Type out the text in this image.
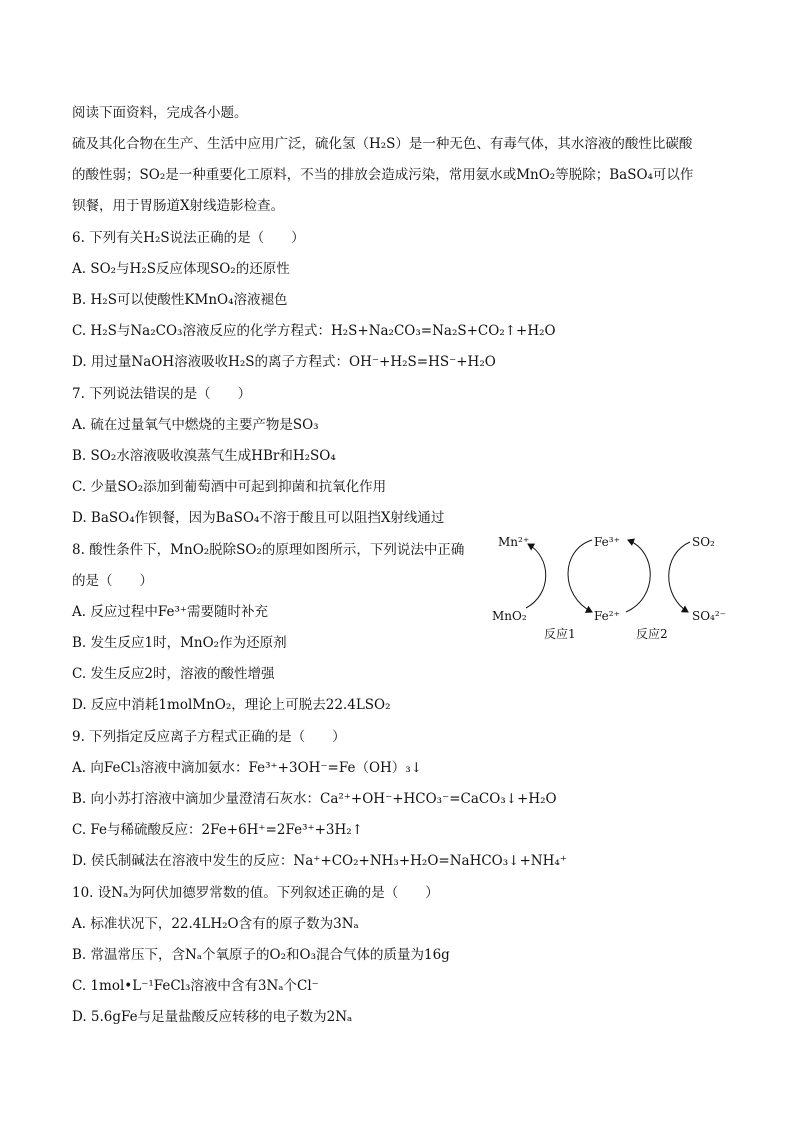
阅读下面资料，完成各小题。
硫及其化合物在生产、生活中应用广泛，硫化氢（H₂S）是一种无色、有毒气体，其水溶液的酸性比碳酸
的酸性弱；SO₂是一种重要化工原料，不当的排放会造成污染，常用氨水或MnO₂等脱除；BaSO₄可以作
钡餐，用于胃肠道X射线造影检查。
6. 下列有关H₂S说法正确的是（　　）
A. SO₂与H₂S反应体现SO₂的还原性
B. H₂S可以使酸性KMnO₄溶液褪色
C. H₂S与Na₂CO₃溶液反应的化学方程式：H₂S+Na₂CO₃=Na₂S+CO₂↑+H₂O
D. 用过量NaOH溶液吸收H₂S的离子方程式：OH⁻+H₂S=HS⁻+H₂O
7. 下列说法错误的是（　　）
A. 硫在过量氧气中燃烧的主要产物是SO₃
B. SO₂水溶液吸收溴蒸气生成HBr和H₂SO₄
C. 少量SO₂添加到葡萄酒中可起到抑菌和抗氧化作用
D. BaSO₄作钡餐，因为BaSO₄不溶于酸且可以阻挡X射线通过
8. 酸性条件下，MnO₂脱除SO₂的原理如图所示，下列说法中正确
的是（　　）
A. 反应过程中Fe³⁺需要随时补充
B. 发生反应1时，MnO₂作为还原剂
C. 发生反应2时，溶液的酸性增强
D. 反应中消耗1molMnO₂，理论上可脱去22.4LSO₂
Mn²⁺	Fe³⁺	SO₂
MnO₂	Fe²⁺	SO₄²⁻
反应1	反应2
9. 下列指定反应离子方程式正确的是（　　）
A. 向FeCl₃溶液中滴加氨水：Fe³⁺+3OH⁻=Fe（OH）₃↓
B. 向小苏打溶液中滴加少量澄清石灰水：Ca²⁺+OH⁻+HCO₃⁻=CaCO₃↓+H₂O
C. Fe与稀硫酸反应：2Fe+6H⁺=2Fe³⁺+3H₂↑
D. 侯氏制碱法在溶液中发生的反应：Na⁺+CO₂+NH₃+H₂O=NaHCO₃↓+NH₄⁺
10. 设Nₐ为阿伏加德罗常数的值。下列叙述正确的是（　　）
A. 标准状况下，22.4LH₂O含有的原子数为3Nₐ
B. 常温常压下，含Nₐ个氧原子的O₂和O₃混合气体的质量为16g
C. 1mol•L⁻¹FeCl₃溶液中含有3Nₐ个Cl⁻
D. 5.6gFe与足量盐酸反应转移的电子数为2Nₐ
